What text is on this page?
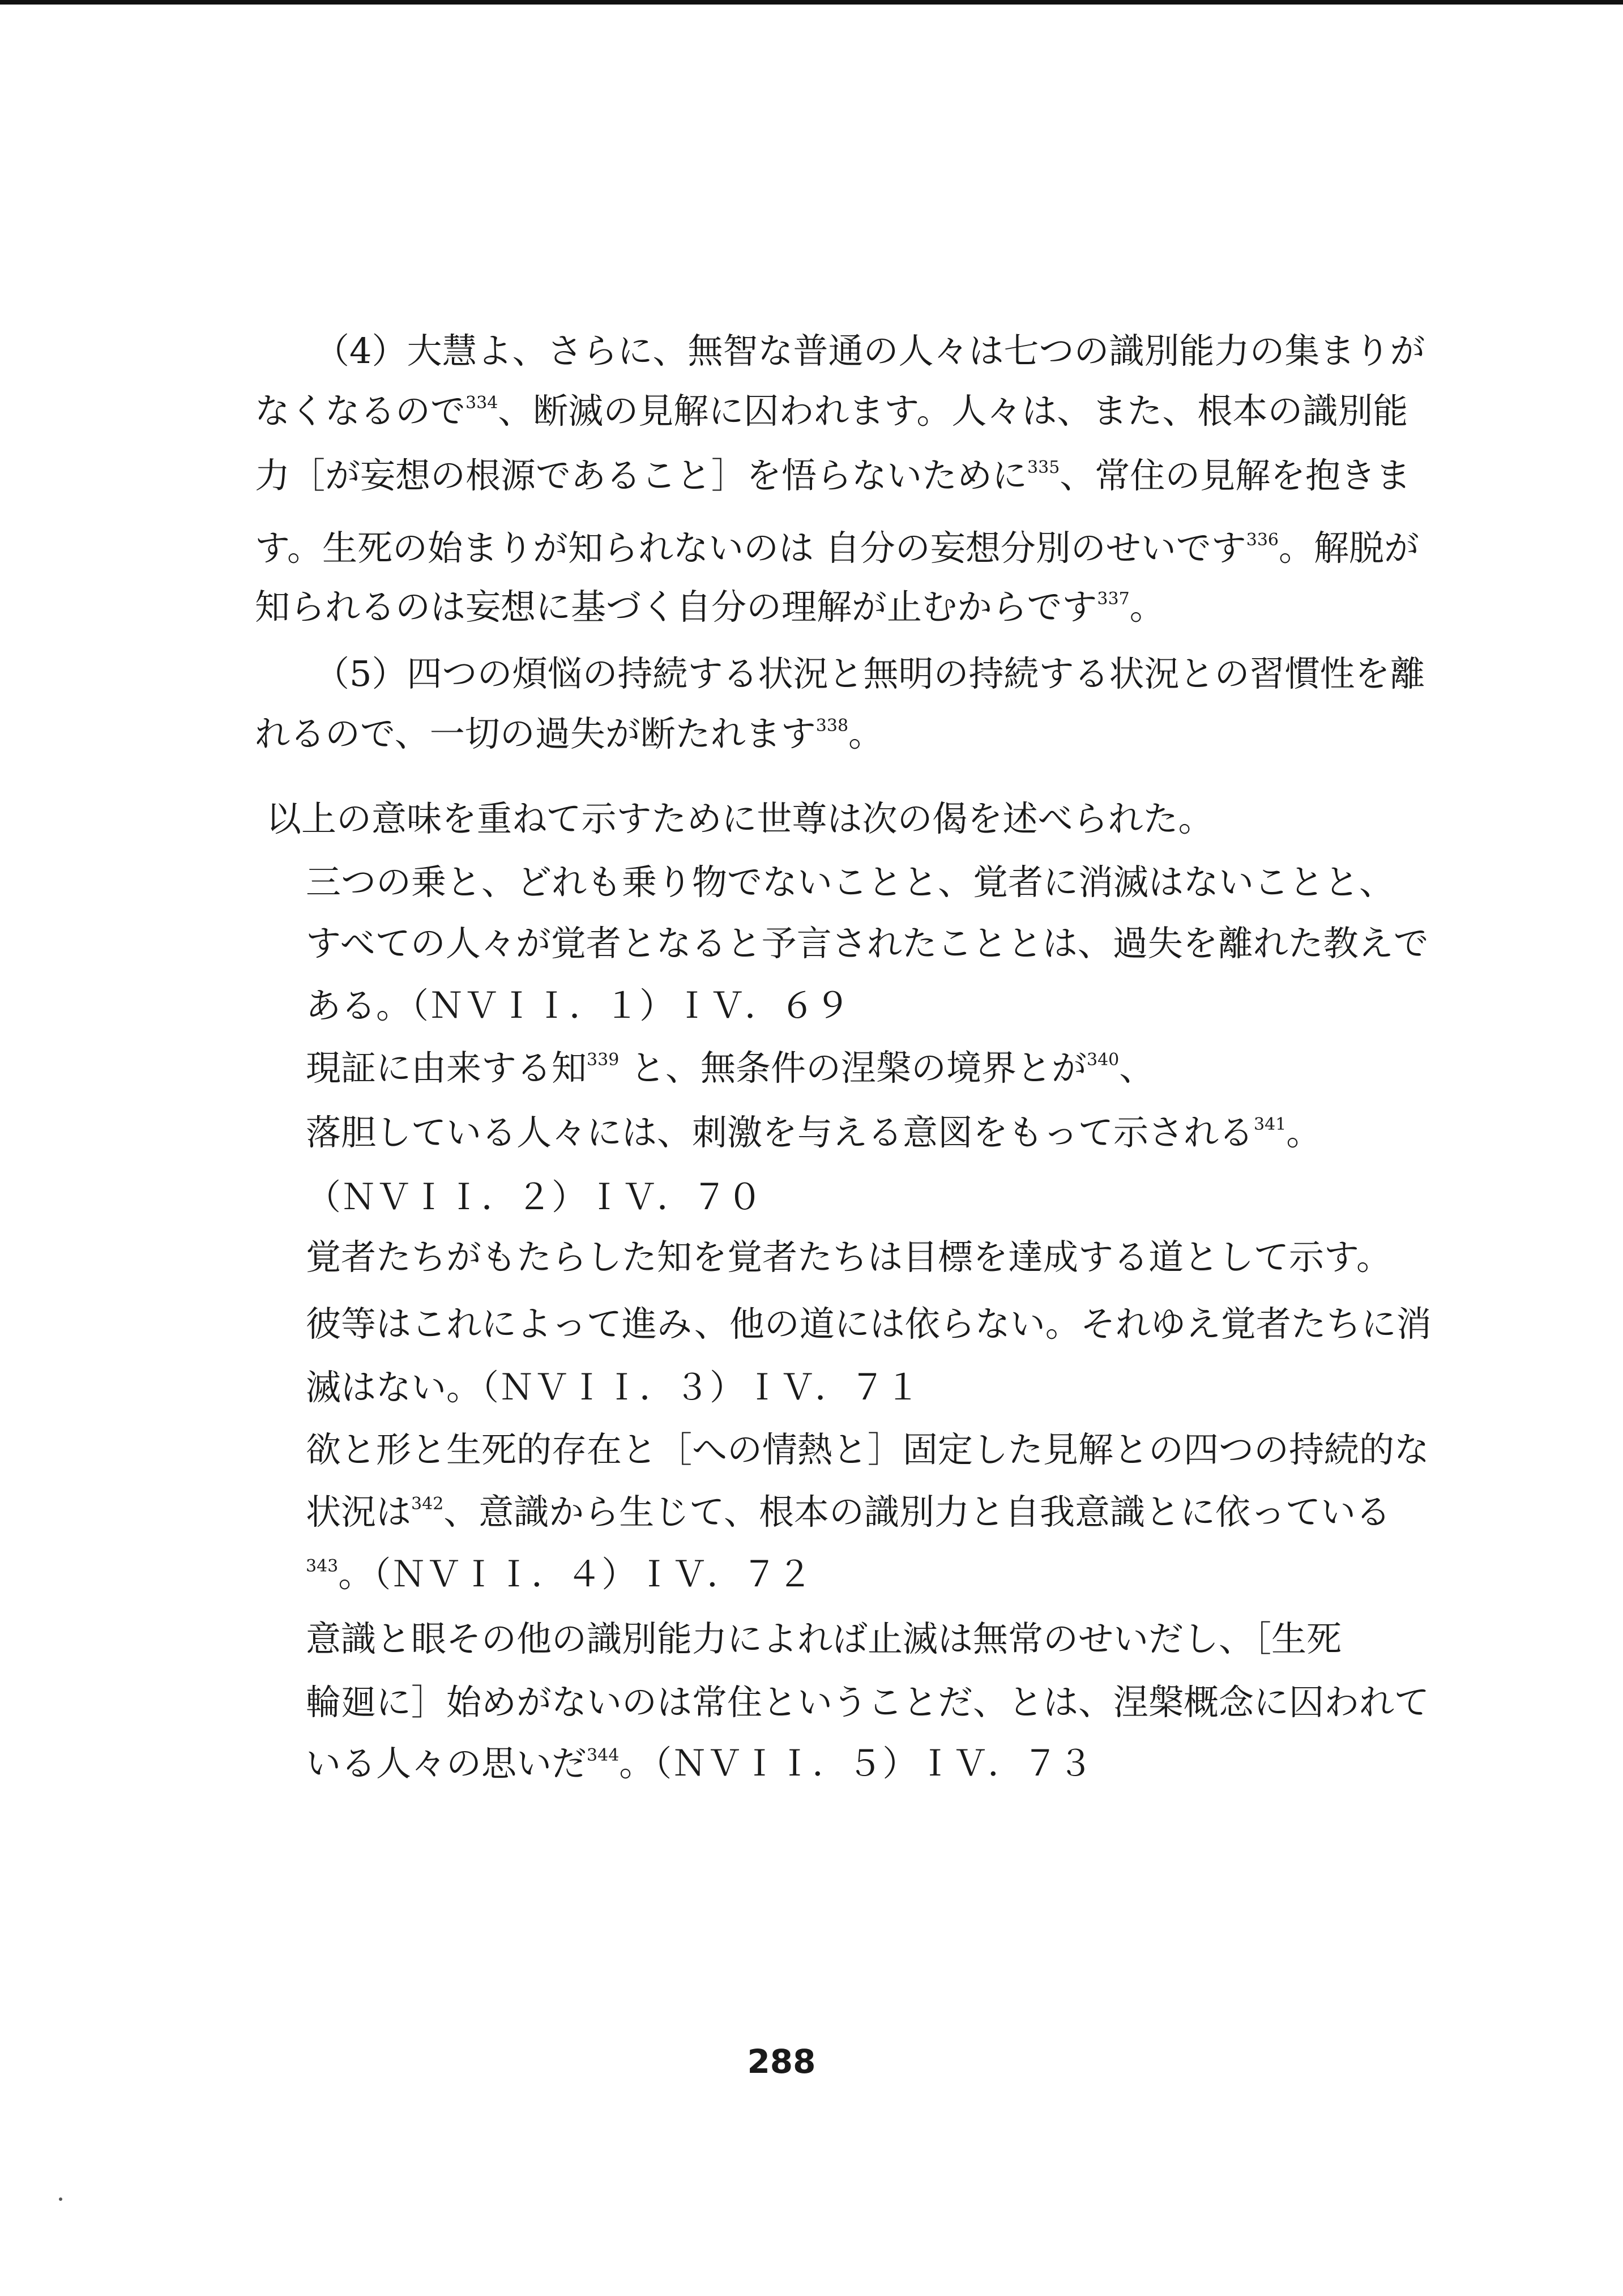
（4）大慧よ、さらに、無智な普通の人々は七つの識別能力の集まりが
なくなるので$^{334}$、断滅の見解に囚われます。人々は、また、根本の識別能
力［が妄想の根源であること］を悟らないために$^{335}$、常住の見解を抱きま
す。生死の始まりが知られないのは 自分の妄想分別のせいです$^{336}$。解脱が
知られるのは妄想に基づく自分の理解が止むからです$^{337}$。
（5）四つの煩悩の持続する状況と無明の持続する状況との習慣性を離
れるので、一切の過失が断たれます$^{338}$。
以上の意味を重ねて示すために世尊は次の偈を述べられた。
三つの乗と、どれも乗り物でないことと、覚者に消滅はないことと、
すべての人々が覚者となると予言されたこととは、過失を離れた教えで
ある。（ＮＶＩＩ．１）ＩＶ．６９
現証に由来する知$^{339}$ と、無条件の涅槃の境界とが$^{340}$、
落胆している人々には、刺激を与える意図をもって示される$^{341}$。
（ＮＶＩＩ．２）ＩＶ．７０
覚者たちがもたらした知を覚者たちは目標を達成する道として示す。
彼等はこれによって進み、他の道には依らない。それゆえ覚者たちに消
滅はない。（ＮＶＩＩ．３）ＩＶ．７１
欲と形と生死的存在と［への情熱と］固定した見解との四つの持続的な
状況は$^{342}$、意識から生じて、根本の識別力と自我意識とに依っている
$^{343}$。（ＮＶＩＩ．４）ＩＶ．７２
意識と眼その他の識別能力によれば止滅は無常のせいだし、［生死
輪廻に］始めがないのは常住ということだ、とは、涅槃概念に囚われて
いる人々の思いだ$^{344}$。（ＮＶＩＩ．５）ＩＶ．７３
288
